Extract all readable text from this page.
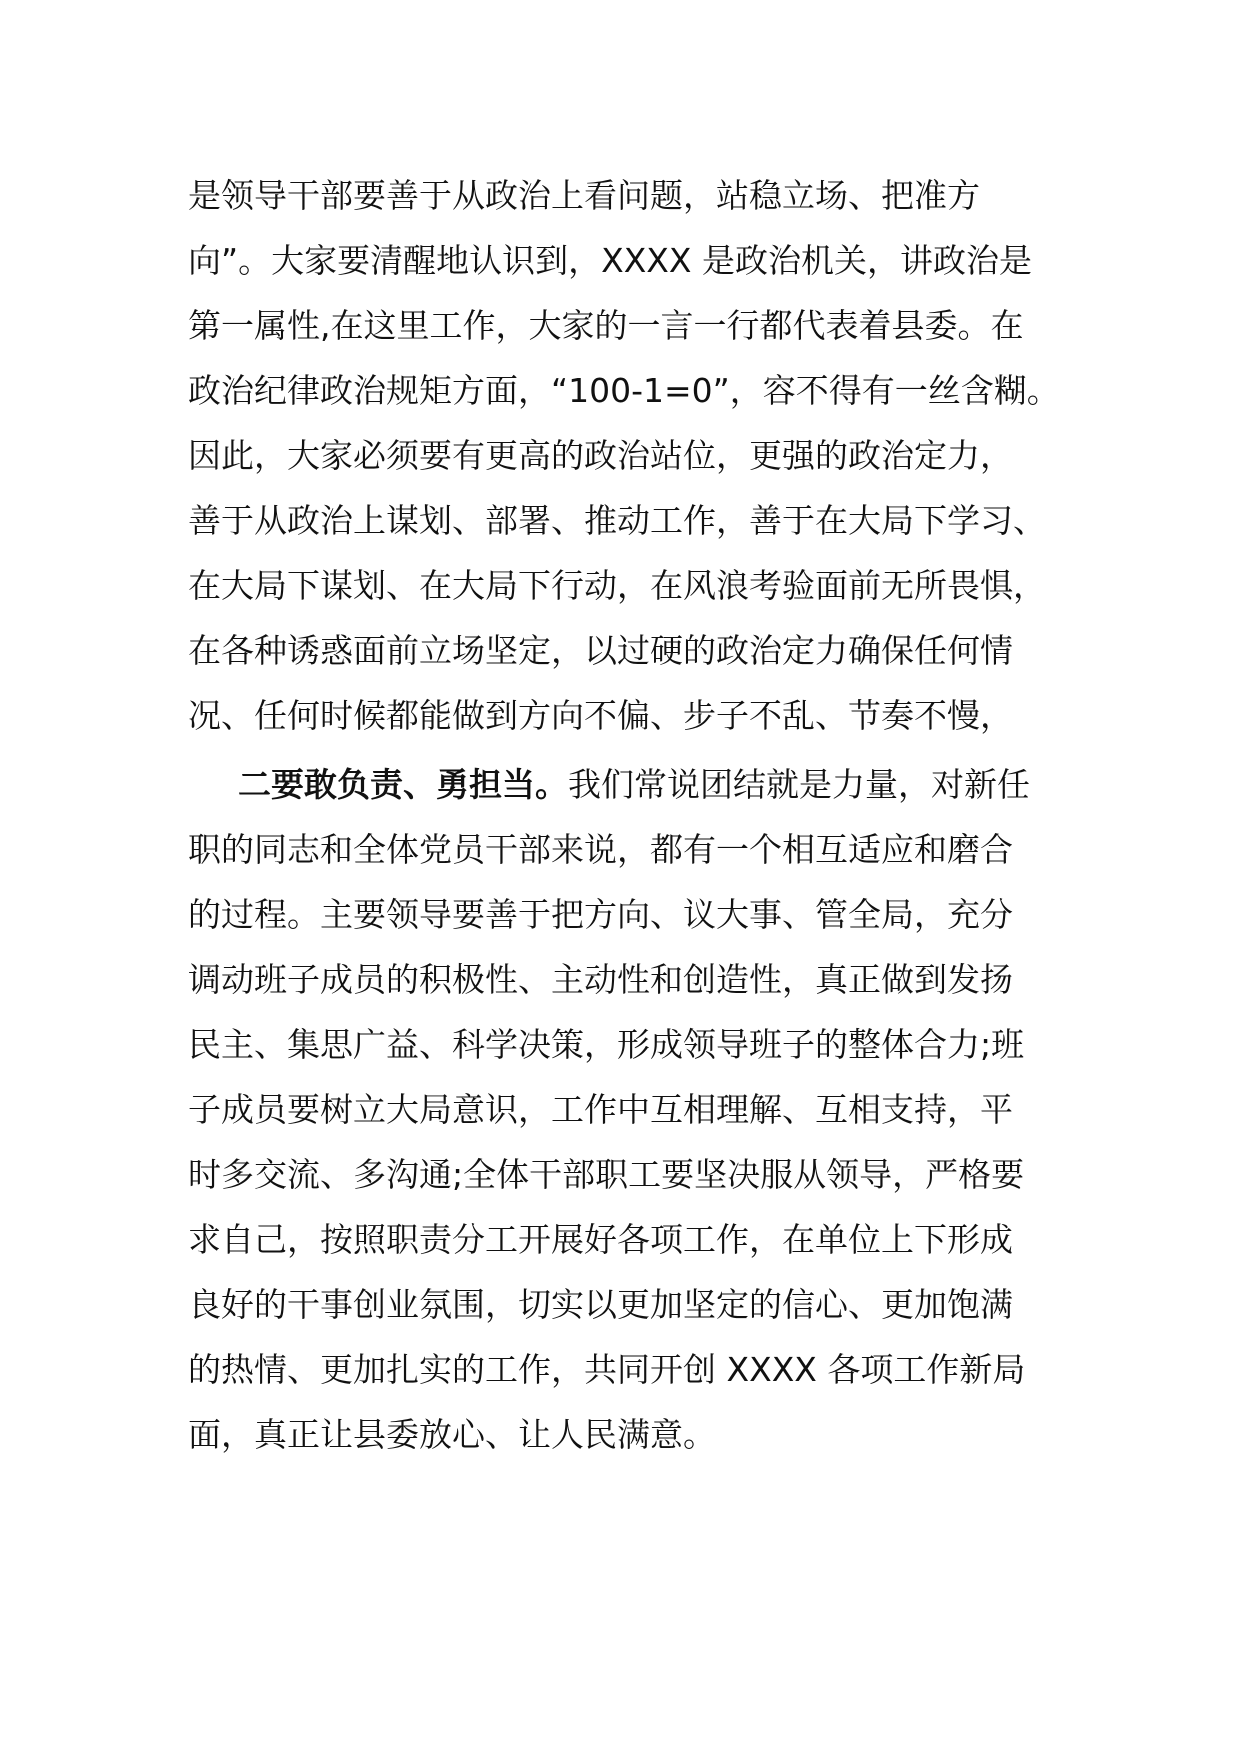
是领导干部要善于从政治上看问题，站稳立场、把准方
向”。大家要清醒地认识到，XXXX 是政治机关，讲政治是
第一属性,在这里工作，大家的一言一行都代表着县委。在
政治纪律政治规矩方面，“100-1=0”，容不得有一丝含糊。
因此，大家必须要有更高的政治站位，更强的政治定力，
善于从政治上谋划、部署、推动工作，善于在大局下学习、
在大局下谋划、在大局下行动，在风浪考验面前无所畏惧，
在各种诱惑面前立场坚定，以过硬的政治定力确保任何情
况、任何时候都能做到方向不偏、步子不乱、节奏不慢，
二要敢负责、勇担当。我们常说团结就是力量，对新任
职的同志和全体党员干部来说，都有一个相互适应和磨合
的过程。主要领导要善于把方向、议大事、管全局，充分
调动班子成员的积极性、主动性和创造性，真正做到发扬
民主、集思广益、科学决策，形成领导班子的整体合力;班
子成员要树立大局意识，工作中互相理解、互相支持，平
时多交流、多沟通;全体干部职工要坚决服从领导，严格要
求自己，按照职责分工开展好各项工作，在单位上下形成
良好的干事创业氛围，切实以更加坚定的信心、更加饱满
的热情、更加扎实的工作，共同开创 XXXX 各项工作新局
面，真正让县委放心、让人民满意。
